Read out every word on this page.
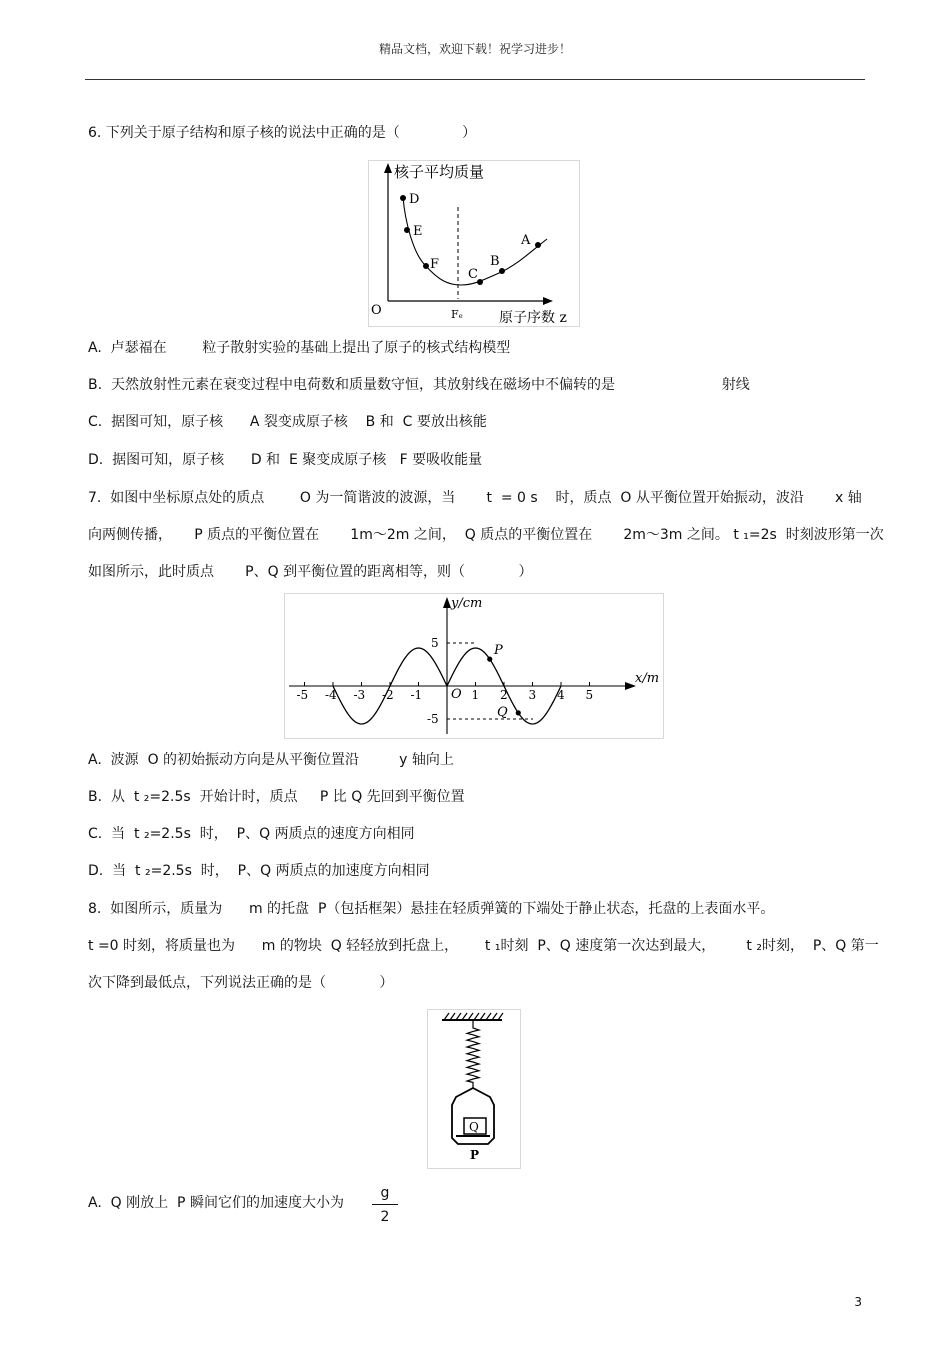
精品文档，欢迎下载！祝学习进步！
6. 下列关于原子结构和原子核的说法中正确的是（              ）
D
E
F
C
B
A
核子平均质量
O	Fₑ	原子序数 z
A.  卢瑟福在        粒子散射实验的基础上提出了原子的核式结构模型
B.  天然放射性元素在衰变过程中电荷数和质量数守恒，其放射线在磁场中不偏转的是                        射线
C.  据图可知，原子核      A 裂变成原子核    B 和  C 要放出核能
D.  据图可知，原子核      D 和  E 聚变成原子核   F 要吸收能量
7.  如图中坐标原点处的质点        O 为一简谐波的波源，当       t  = 0 s    时，质点  O 从平衡位置开始振动，波沿       x 轴
向两侧传播，     P 质点的平衡位置在       1m～2m 之间，  Q 质点的平衡位置在       2m～3m 之间。 t ₁=2s  时刻波形第一次
如图所示，此时质点       P、Q 到平衡位置的距离相等，则（            ）
-5 -4 -3 -2 -1	1 2 3 4 5
O
5
-5
y/cm
x/m
P
Q
A.  波源  O 的初始振动方向是从平衡位置沿         y 轴向上
B.  从  t ₂=2.5s  开始计时，质点     P 比 Q 先回到平衡位置
C.  当  t ₂=2.5s  时，  P、Q 两质点的速度方向相同
D.  当  t ₂=2.5s  时，  P、Q 两质点的加速度方向相同
8.  如图所示，质量为      m 的托盘  P（包括框架）悬挂在轻质弹簧的下端处于静止状态，托盘的上表面水平。
t =0 时刻，将质量也为      m 的物块  Q 轻轻放到托盘上，      t ₁时刻  P、Q 速度第一次达到最大，       t ₂时刻，  P、Q 第一
次下降到最低点，下列说法正确的是（            ）
Q
P
A.  Q 刚放上  P 瞬间它们的加速度大小为
g
2
3
